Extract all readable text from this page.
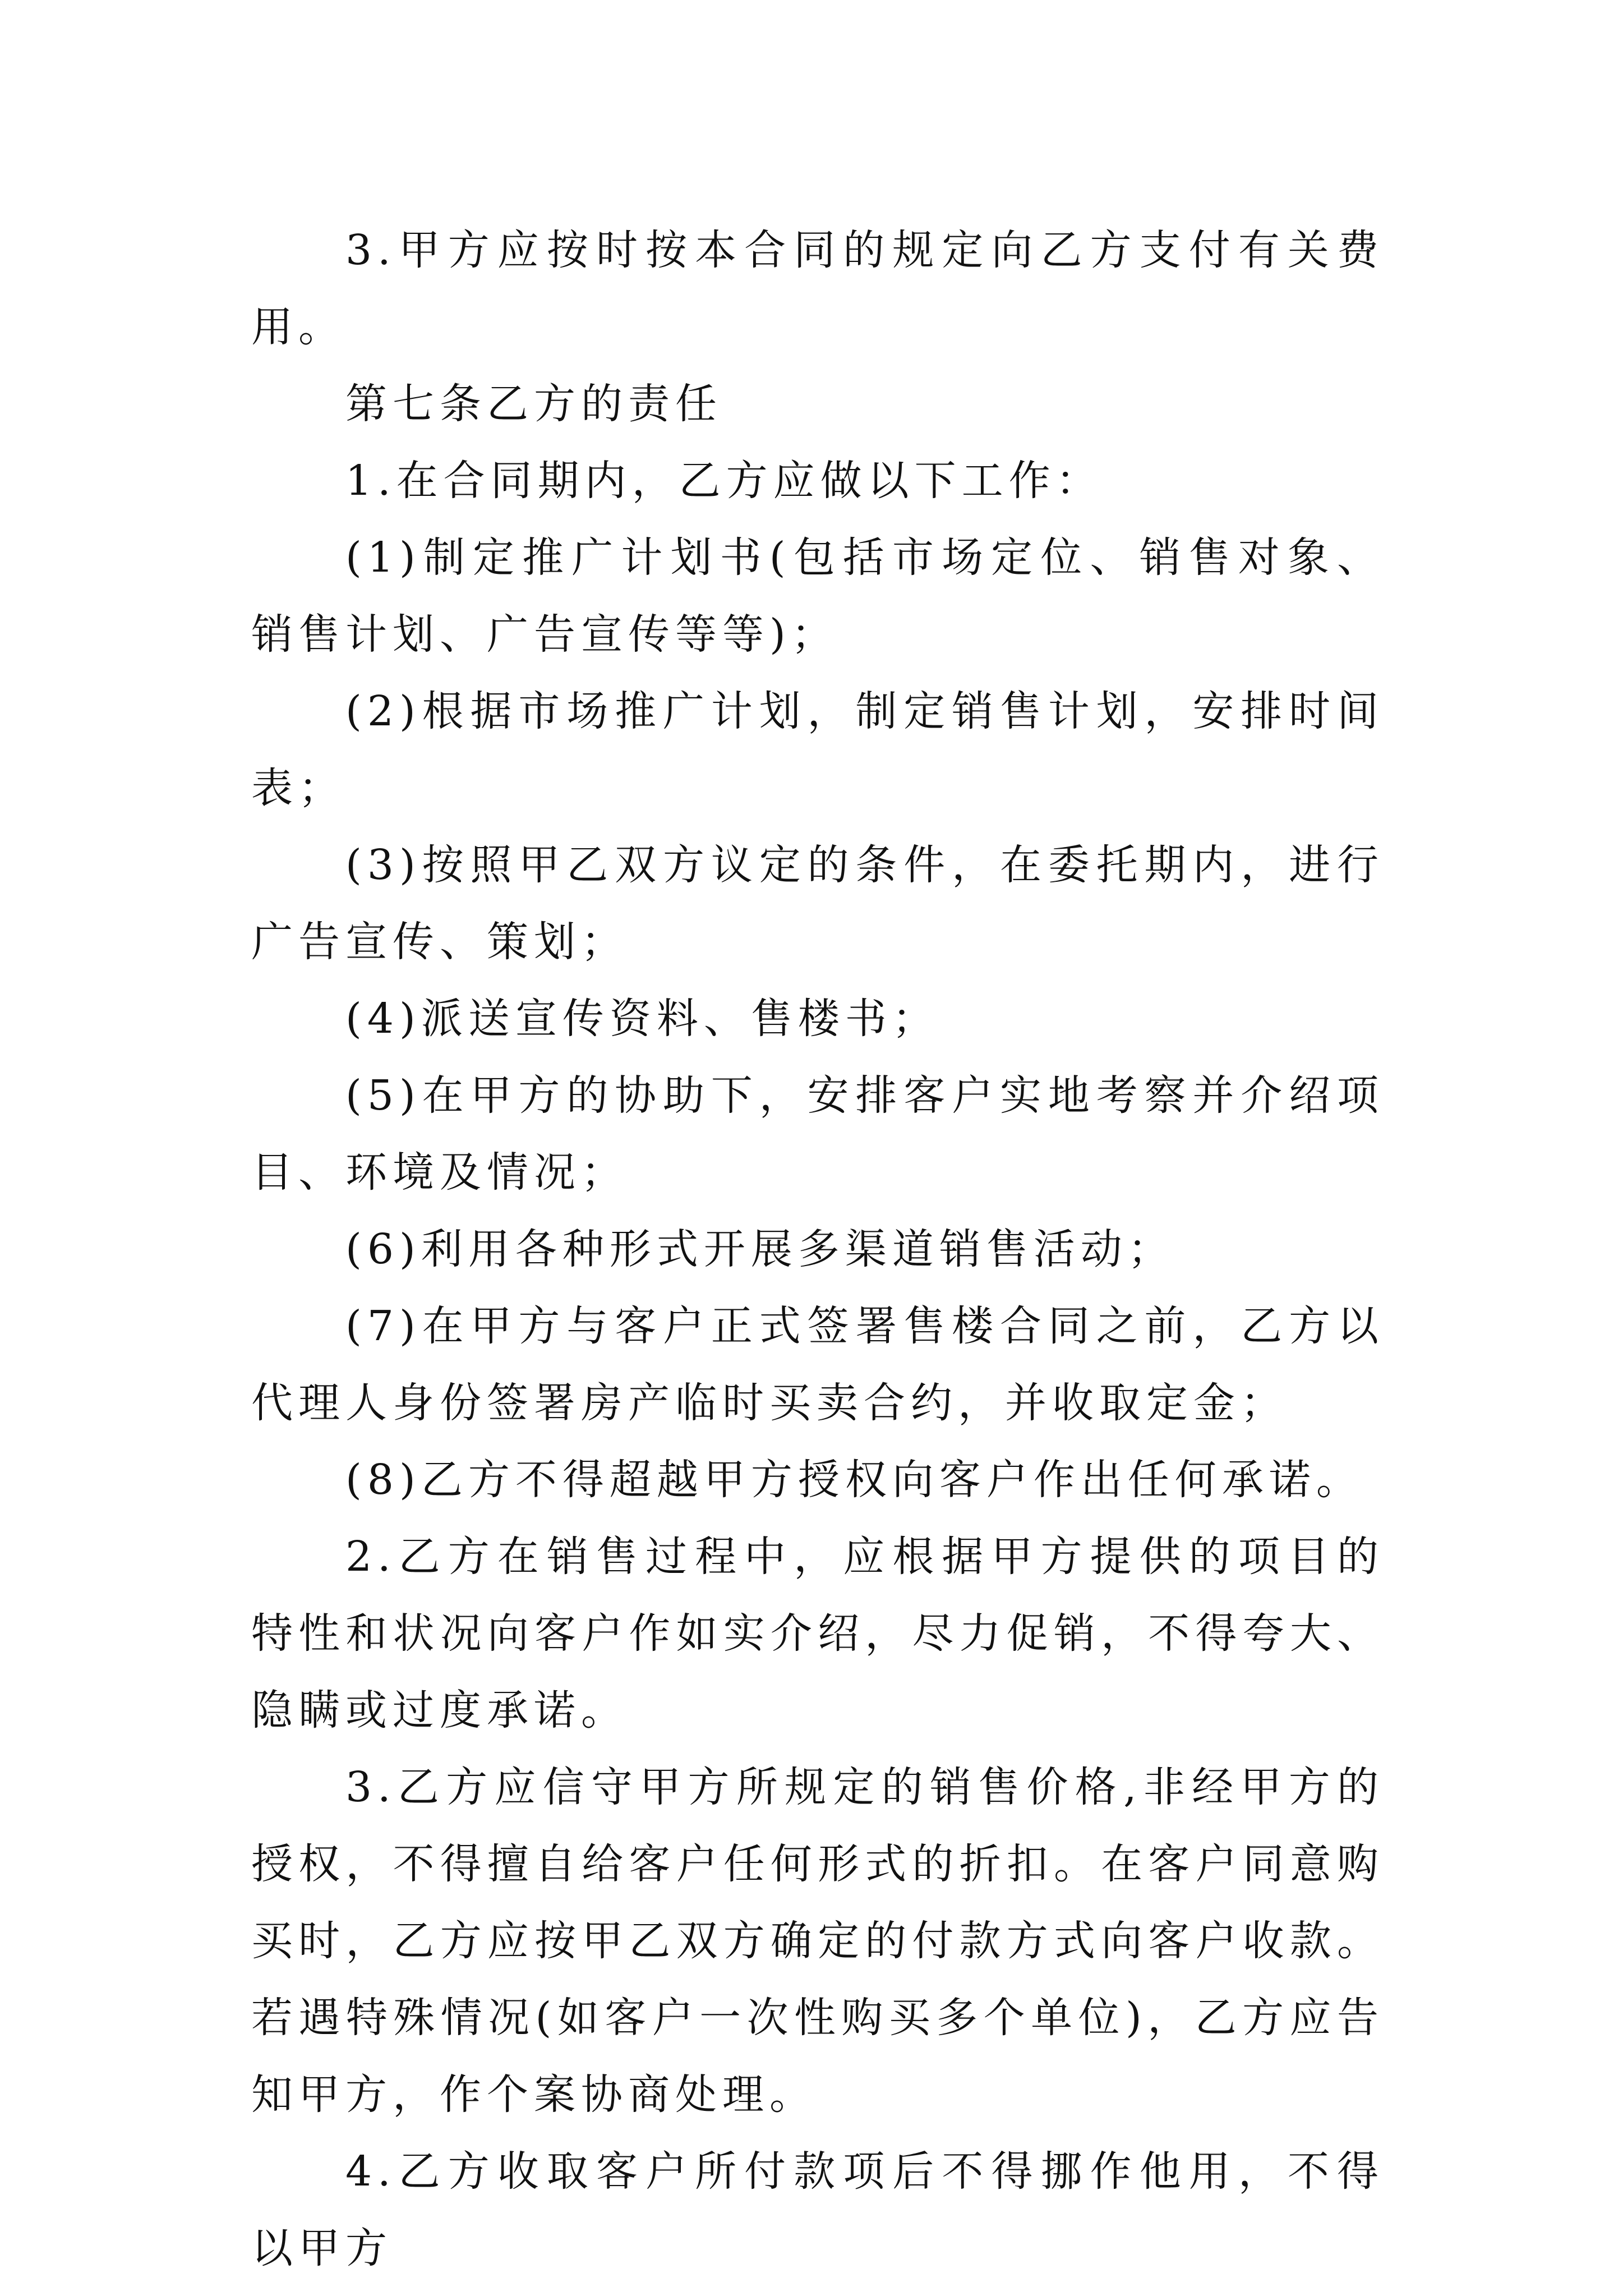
3.甲方应按时按本合同的规定向乙方支付有关费用。

第七条乙方的责任

1.在合同期内，乙方应做以下工作：

(1)制定推广计划书(包括市场定位、销售对象、销售计划、广告宣传等等)；

(2)根据市场推广计划，制定销售计划，安排时间表；

(3)按照甲乙双方议定的条件，在委托期内，进行广告宣传、策划；

(4)派送宣传资料、售楼书；

(5)在甲方的协助下，安排客户实地考察并介绍项目、环境及情况；

(6)利用各种形式开展多渠道销售活动；

(7)在甲方与客户正式签署售楼合同之前，乙方以代理人身份签署房产临时买卖合约，并收取定金；

(8)乙方不得超越甲方授权向客户作出任何承诺。

2.乙方在销售过程中，应根据甲方提供的项目的特性和状况向客户作如实介绍，尽力促销，不得夸大、隐瞒或过度承诺。

3.乙方应信守甲方所规定的销售价格,非经甲方的授权，不得擅自给客户任何形式的折扣。在客户同意购买时，乙方应按甲乙双方确定的付款方式向客户收款。若遇特殊情况(如客户一次性购买多个单位)，乙方应告知甲方，作个案协商处理。

4.乙方收取客户所付款项后不得挪作他用，不得以甲方
